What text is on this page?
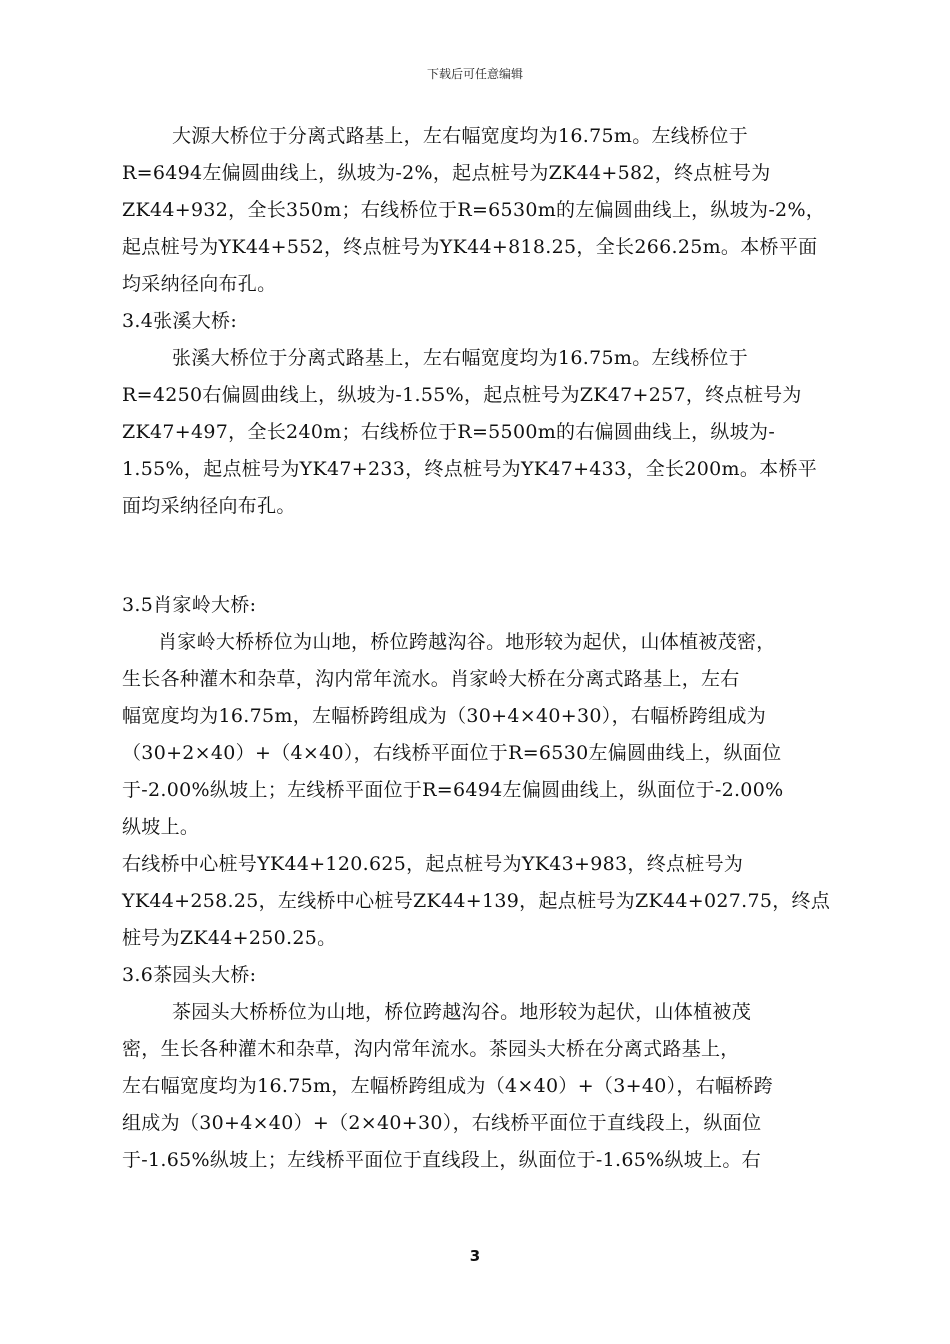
下载后可任意编辑
大源大桥位于分离式路基上，左右幅宽度均为16.75m。左线桥位于
R=6494左偏圆曲线上，纵坡为-2%，起点桩号为ZK44+582，终点桩号为
ZK44+932，全长350m；右线桥位于R=6530m的左偏圆曲线上，纵坡为-2%，
起点桩号为YK44+552，终点桩号为YK44+818.25，全长266.25m。本桥平面
均采纳径向布孔。
3.4张溪大桥:
张溪大桥位于分离式路基上，左右幅宽度均为16.75m。左线桥位于
R=4250右偏圆曲线上，纵坡为-1.55%，起点桩号为ZK47+257，终点桩号为
ZK47+497，全长240m；右线桥位于R=5500m的右偏圆曲线上，纵坡为-
1.55%，起点桩号为YK47+233，终点桩号为YK47+433，全长200m。本桥平
面均采纳径向布孔。
3.5肖家岭大桥:
肖家岭大桥桥位为山地，桥位跨越沟谷。地形较为起伏，山体植被茂密，
生长各种灌木和杂草，沟内常年流水。肖家岭大桥在分离式路基上，左右
幅宽度均为16.75m，左幅桥跨组成为（30+4×40+30），右幅桥跨组成为
（30+2×40）+（4×40），右线桥平面位于R=6530左偏圆曲线上，纵面位
于-2.00%纵坡上；左线桥平面位于R=6494左偏圆曲线上，纵面位于-2.00%
纵坡上。
右线桥中心桩号YK44+120.625，起点桩号为YK43+983，终点桩号为
YK44+258.25，左线桥中心桩号ZK44+139，起点桩号为ZK44+027.75，终点
桩号为ZK44+250.25。
3.6茶园头大桥:
茶园头大桥桥位为山地，桥位跨越沟谷。地形较为起伏，山体植被茂
密，生长各种灌木和杂草，沟内常年流水。茶园头大桥在分离式路基上，
左右幅宽度均为16.75m，左幅桥跨组成为（4×40）+（3+40），右幅桥跨
组成为（30+4×40）+（2×40+30），右线桥平面位于直线段上，纵面位
于-1.65%纵坡上；左线桥平面位于直线段上，纵面位于-1.65%纵坡上。右
3
